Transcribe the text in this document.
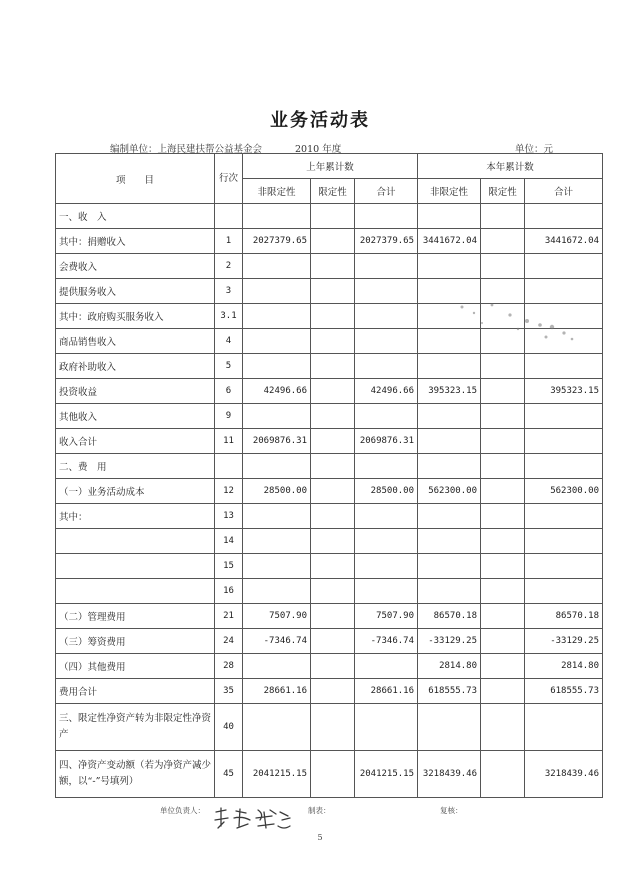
业务活动表
编制单位：上海民建扶帮公益基金会	2010 年度	单位：元
项　　目	行次	上年累计数			本年累计数		
		非限定性	限定性	合计	非限定性	限定性	合计
一、收　入							
其中：捐赠收入	1	2027379.65		2027379.65	3441672.04		3441672.04
会费收入	2						
提供服务收入	3						
其中：政府购买服务收入	3.1						
商品销售收入	4						
政府补助收入	5						
投资收益	6	42496.66		42496.66	395323.15		395323.15
其他收入	9						
收入合计	11	2069876.31		2069876.31			
二、费　用							
（一）业务活动成本	12	28500.00		28500.00	562300.00		562300.00
其中：	13						
	14						
	15						
	16						
（二）管理费用	21	7507.90		7507.90	86570.18		86570.18
（三）筹资费用	24	-7346.74		-7346.74	-33129.25		-33129.25
（四）其他费用	28				2814.80		2814.80
费用合计	35	28661.16		28661.16	618555.73		618555.73
三、限定性净资产转为非限定性净资产	40						
四、净资产变动额（若为净资产减少额，以“-”号填列）	45	2041215.15		2041215.15	3218439.46		3218439.46
单位负责人：	制表：	复核：
5
